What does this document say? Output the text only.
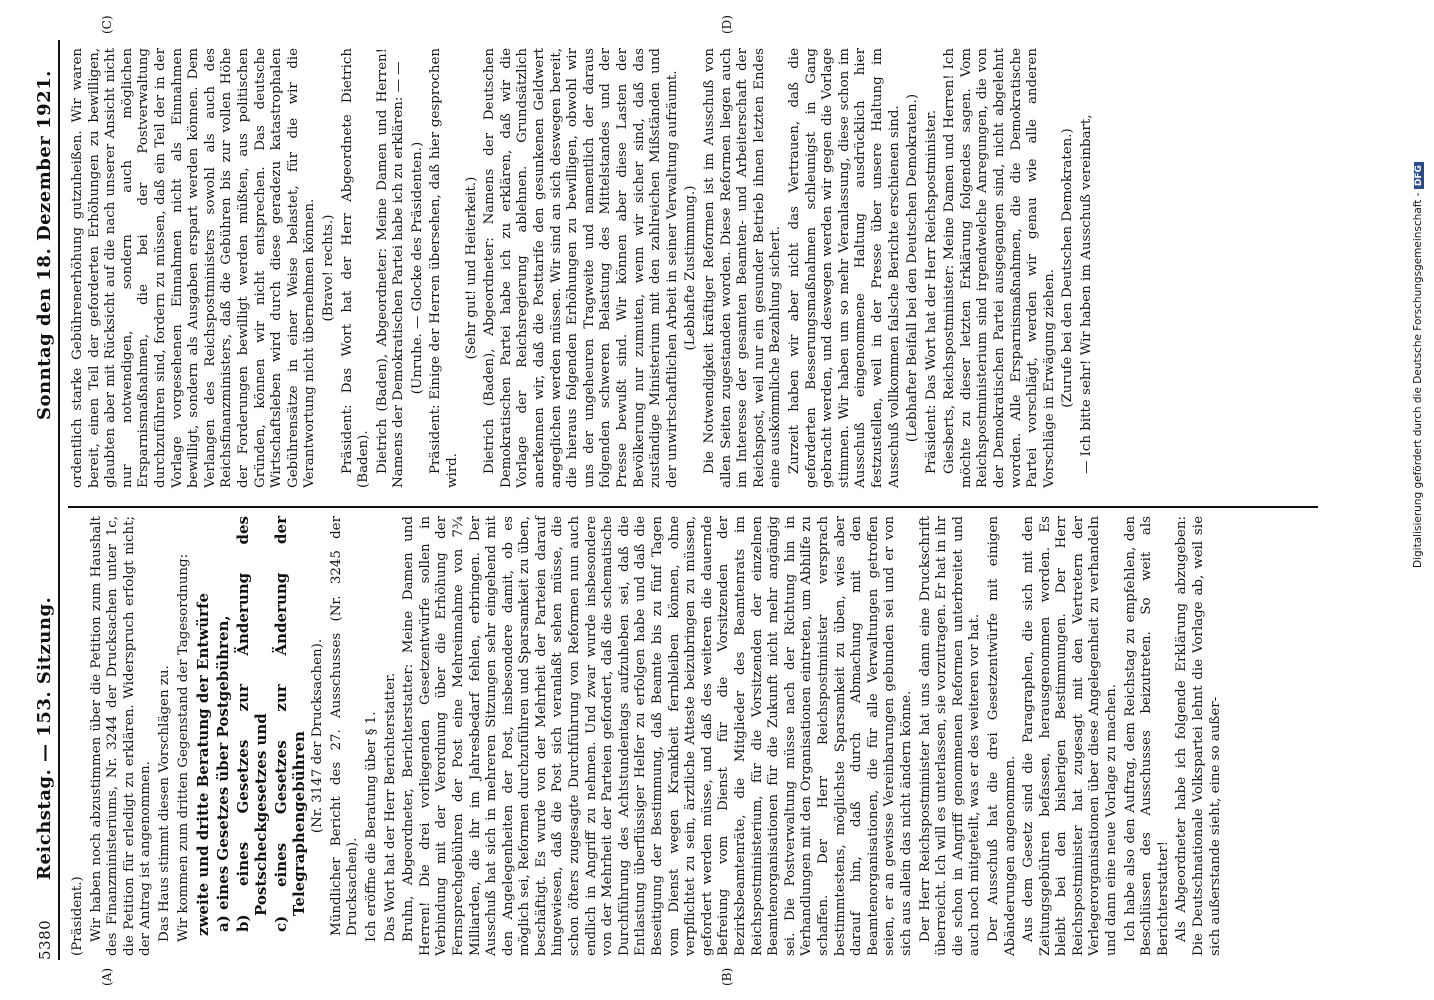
5380
Reichstag. — 153. Sitzung.
Sonntag den 18. Dezember 1921.
(A)	(B)
(C)	(D)

(Präsident.) Wir haben noch abzustimmen über die Petition zum Haushalt des Finanzministeriums, Nr. 3244 der Drucksachen unter 1c, die Petition für erledigt zu erklären. Widerspruch erfolgt nicht; der Antrag ist angenommen. Das Haus stimmt diesen Vorschlägen zu. Wir kommen zum dritten Gegenstand der Tagesordnung: zweite und dritte Beratung der Entwürfe a) eines Gesetzes über Postgebühren, b) eines Gesetzes zur Änderung des Postscheckgesetzes und c) eines Gesetzes zur Änderung der Telegraphengebühren (Nr. 3147 der Drucksachen). Mündlicher Bericht des 27. Ausschusses (Nr. 3245 der Drucksachen). Ich eröffne die Beratung über § 1. Das Wort hat der Herr Berichterstatter. Bruhn, Abgeordneter, Berichterstatter: Meine Damen und Herren! Die drei vorliegenden Gesetzentwürfe sollen in Verbindung mit der Verordnung über die Erhöhung der Fernsprechgebühren der Post eine Mehreinnahme von 7¾ Milliarden, die ihr im Jahresbedarf fehlen, erbringen. Der Ausschuß hat sich in mehreren Sitzungen sehr eingehend mit den Angelegenheiten der Post, insbesondere damit, ob es möglich sei, Reformen durchzuführen und Sparsamkeit zu üben, beschäftigt. Es wurde von der Mehrheit der Parteien darauf hingewiesen, daß die Post sich veranlaßt sehen müsse, die schon öfters zugesagte Durchführung von Reformen nun auch endlich in Angriff zu nehmen. Und zwar wurde insbesondere von der Mehrheit der Parteien gefordert, daß die schematische Durchführung des Achtstundentags aufzuheben sei, daß die Entlastung überflüssiger Helfer zu erfolgen habe und daß die Beseitigung der Bestimmung, daß Beamte bis zu fünf Tagen vom Dienst wegen Krankheit fernbleiben können, ohne verpflichtet zu sein, ärztliche Atteste beizubringen zu müssen, gefordert werden müsse, und daß des weiteren die dauernde Befreiung vom Dienst für die Vorsitzenden der Bezirksbeamtenräte, die Mitglieder des Beamtenrats im Reichspostministerium, für die Vorsitzenden der einzelnen Beamtenorganisationen für die Zukunft nicht mehr angängig sei. Die Postverwaltung müsse nach der Richtung hin in Verhandlungen mit den Organisationen eintreten, um Abhilfe zu schaffen. Der Herr Reichspostminister versprach bestimmtestens, möglichste Sparsamkeit zu üben, wies aber darauf hin, daß durch Abmachung mit den Beamtenorganisationen, die für alle Verwaltungen getroffen seien, er an gewisse Vereinbarungen gebunden sei und er von sich aus allein das nicht ändern könne. Der Herr Reichspostminister hat uns dann eine Druckschrift überreicht. Ich will es unterlassen, sie vorzutragen. Er hat in ihr die schon in Angriff genommenen Reformen unterbreitet und auch noch mitgeteilt, was er des weiteren vor hat. Der Ausschuß hat die drei Gesetzentwürfe mit einigen Abänderungen angenommen. Aus dem Gesetz sind die Paragraphen, die sich mit den Zeitungsgebühren befassen, herausgenommen worden. Es bleibt bei den bisherigen Bestimmungen. Der Herr Reichspostminister hat zugesagt mit den Vertretern der Verlegerorganisationen über diese Angelegenheit zu verhandeln und dann eine neue Vorlage zu machen. Ich habe also den Auftrag, dem Reichstag zu empfehlen, den Beschlüssen des Ausschusses beizutreten. So weit als Berichterstatter! Als Abgeordneter habe ich folgende Erklärung abzugeben: Die Deutschnationale Volkspartei lehnt die Vorlage ab, weil sie sich außerstande sieht, eine so außer-

ordentlich starke Gebührenerhöhung gutzuheißen. Wir waren bereit, einen Teil der geforderten Erhöhungen zu bewilligen, glaubten aber mit Rücksicht auf die nach unserer Ansicht nicht nur notwendigen, sondern auch möglichen Ersparnismaßnahmen, die bei der Postverwaltung durchzuführen sind, fordern zu müssen, daß ein Teil der in der Vorlage vorgesehenen Einnahmen nicht als Einnahmen bewilligt, sondern als Ausgaben erspart werden können. Dem Verlangen des Reichspostministers sowohl als auch des Reichsfinanzministers, daß die Gebühren bis zur vollen Höhe der Forderungen bewilligt werden müßten, aus politischen Gründen, können wir nicht entsprechen. Das deutsche Wirtschaftsleben wird durch diese geradezu katastrophalen Gebührensätze in einer Weise belastet, für die wir die Verantwortung nicht übernehmen können. (Bravo! rechts.) Präsident: Das Wort hat der Herr Abgeordnete Dietrich (Baden). Dietrich (Baden), Abgeordneter: Meine Damen und Herren! Namens der Demokratischen Partei habe ich zu erklären: — — (Unruhe. — Glocke des Präsidenten.) Präsident: Einige der Herren übersehen, daß hier gesprochen wird.

(Sehr gut! und Heiterkeit.) Dietrich (Baden), Abgeordneter: Namens der Deutschen Demokratischen Partei habe ich zu erklären, daß wir die Vorlage der Reichsregierung ablehnen. Grundsätzlich anerkennen wir, daß die Posttarife den gesunkenen Geldwert angeglichen werden müssen. Wir sind an sich deswegen bereit, die hieraus folgenden Erhöhungen zu bewilligen, obwohl wir uns der ungeheuren Tragweite und namentlich der daraus folgenden schweren Belastung des Mittelstandes und der Presse bewußt sind. Wir können aber diese Lasten der Bevölkerung nur zumuten, wenn wir sicher sind, daß das zuständige Ministerium mit den zahlreichen Mißständen und der unwirtschaftlichen Arbeit in seiner Verwaltung aufräumt. (Lebhafte Zustimmung.) Die Notwendigkeit kräftiger Reformen ist im Ausschuß von allen Seiten zugestanden worden. Diese Reformen liegen auch im Interesse der gesamten Beamten- und Arbeiterschaft der Reichspost, weil nur ein gesunder Betrieb ihnen letzten Endes eine auskömmliche Bezahlung sichert. Zurzeit haben wir aber nicht das Vertrauen, daß die geforderten Besserungsmaßnahmen schleunigst in Gang gebracht werden, und deswegen werden wir gegen die Vorlage stimmen. Wir haben um so mehr Veranlassung, diese schon im Ausschuß eingenommene Haltung ausdrücklich hier festzustellen, weil in der Presse über unsere Haltung im Ausschuß vollkommen falsche Berichte erschienen sind. (Lebhafter Beifall bei den Deutschen Demokraten.) Präsident: Das Wort hat der Herr Reichspostminister. Giesberts, Reichspostminister: Meine Damen und Herren! Ich möchte zu dieser letzten Erklärung folgendes sagen. Vom Reichspostministerium sind irgendwelche Anregungen, die von der Demokratischen Partei ausgegangen sind, nicht abgelehnt worden. Alle Ersparnismaßnahmen, die die Demokratische Partei vorschlägt, werden wir genau wie alle anderen Vorschläge in Erwägung ziehen. (Zurufe bei den Deutschen Demokraten.) — Ich bitte sehr! Wir haben im Ausschuß vereinbart,	Digitalisierung gefördert durch die Deutsche Forschungsgemeinschaft - DFG
